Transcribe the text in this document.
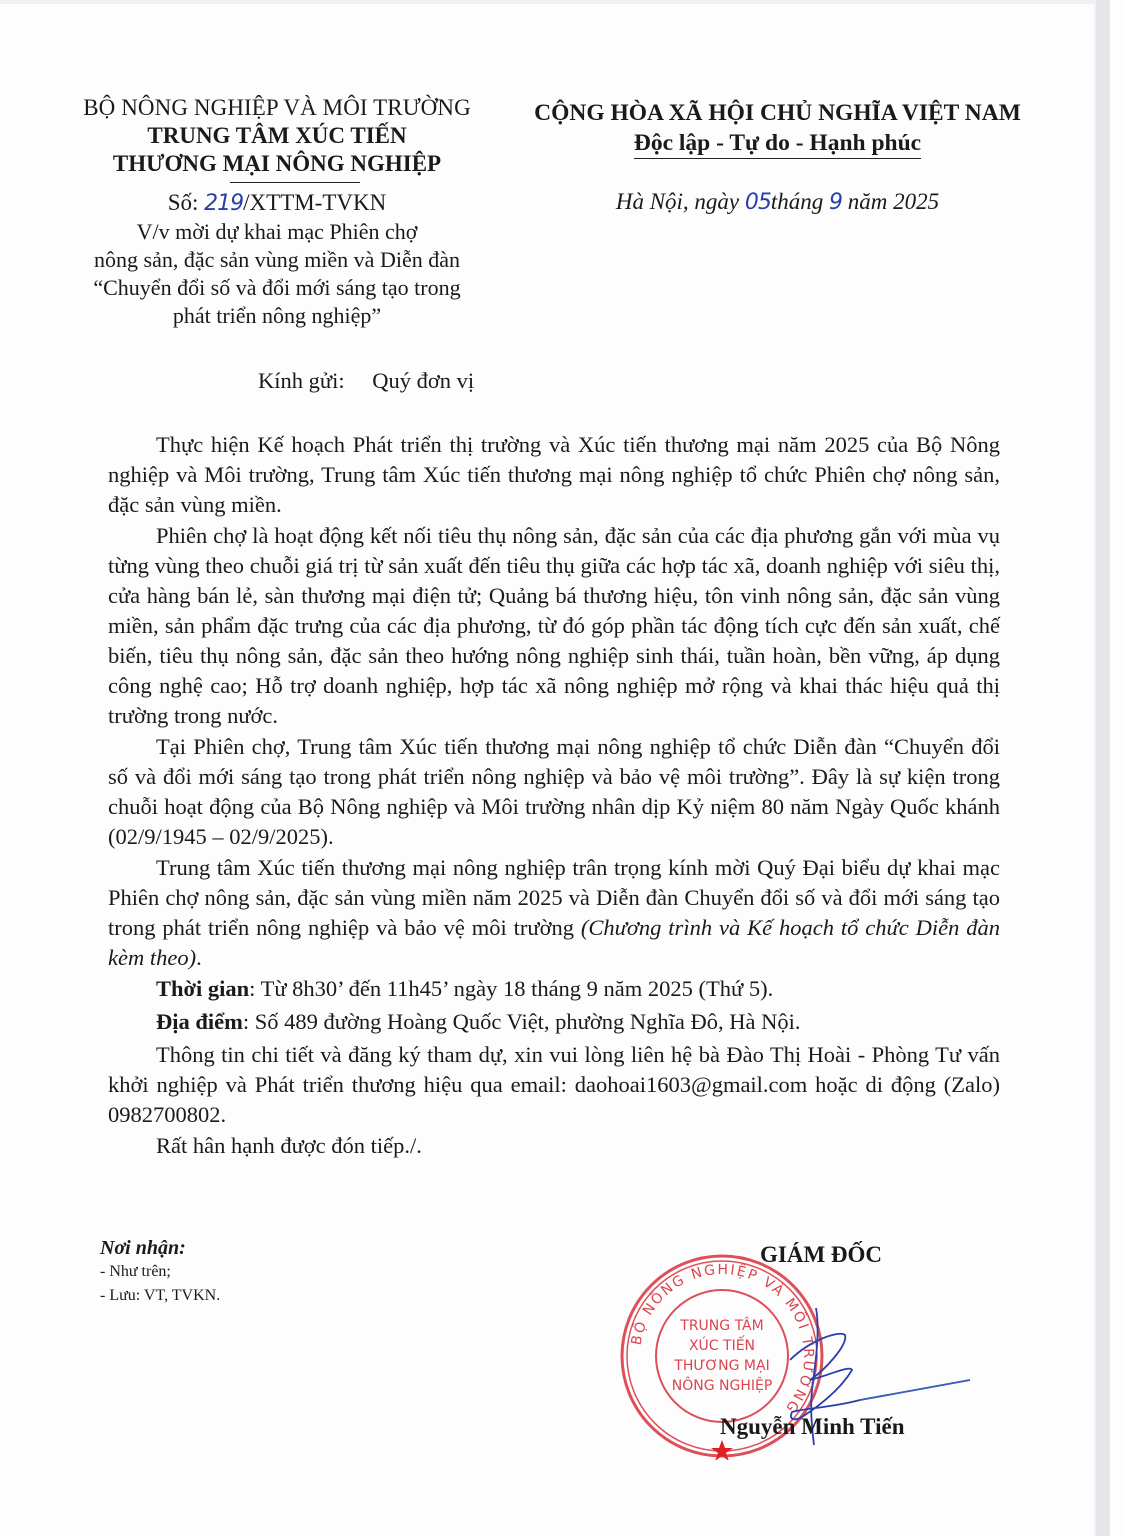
BỘ NÔNG NGHIỆP VÀ MÔI TRƯỜNG
TRUNG TÂM XÚC TIẾN
THƯƠNG MẠI NÔNG NGHIỆP
Số: 219/XTTM-TVKN
V/v mời dự khai mạc Phiên chợ
nông sản, đặc sản vùng miền và Diễn đàn
“Chuyển đổi số và đổi mới sáng tạo trong
phát triển nông nghiệp”
CỘNG HÒA XÃ HỘI CHỦ NGHĨA VIỆT NAM
Độc lập - Tự do - Hạnh phúc
Hà Nội, ngày 05tháng 9 năm 2025
Kính gửi: Quý đơn vị

Thực hiện Kế hoạch Phát triển thị trường và Xúc tiến thương mại năm 2025 của Bộ Nông nghiệp và Môi trường, Trung tâm Xúc tiến thương mại nông nghiệp tổ chức Phiên chợ nông sản, đặc sản vùng miền.

Phiên chợ là hoạt động kết nối tiêu thụ nông sản, đặc sản của các địa phương gắn với mùa vụ từng vùng theo chuỗi giá trị từ sản xuất đến tiêu thụ giữa các hợp tác xã, doanh nghiệp với siêu thị, cửa hàng bán lẻ, sàn thương mại điện tử; Quảng bá thương hiệu, tôn vinh nông sản, đặc sản vùng miền, sản phẩm đặc trưng của các địa phương, từ đó góp phần tác động tích cực đến sản xuất, chế biến, tiêu thụ nông sản, đặc sản theo hướng nông nghiệp sinh thái, tuần hoàn, bền vững, áp dụng công nghệ cao; Hỗ trợ doanh nghiệp, hợp tác xã nông nghiệp mở rộng và khai thác hiệu quả thị trường trong nước.

Tại Phiên chợ, Trung tâm Xúc tiến thương mại nông nghiệp tổ chức Diễn đàn “Chuyển đổi số và đổi mới sáng tạo trong phát triển nông nghiệp và bảo vệ môi trường”. Đây là sự kiện trong chuỗi hoạt động của Bộ Nông nghiệp và Môi trường nhân dịp Kỷ niệm 80 năm Ngày Quốc khánh (02/9/1945 – 02/9/2025).

Trung tâm Xúc tiến thương mại nông nghiệp trân trọng kính mời Quý Đại biểu dự khai mạc Phiên chợ nông sản, đặc sản vùng miền năm 2025 và Diễn đàn Chuyển đổi số và đổi mới sáng tạo trong phát triển nông nghiệp và bảo vệ môi trường (Chương trình và Kế hoạch tổ chức Diễn đàn kèm theo).

Thời gian: Từ 8h30’ đến 11h45’ ngày 18 tháng 9 năm 2025 (Thứ 5).

Địa điểm: Số 489 đường Hoàng Quốc Việt, phường Nghĩa Đô, Hà Nội.

Thông tin chi tiết và đăng ký tham dự, xin vui lòng liên hệ bà Đào Thị Hoài - Phòng Tư vấn khởi nghiệp và Phát triển thương hiệu qua email: daohoai1603@gmail.com hoặc di động (Zalo) 0982700802.

Rất hân hạnh được đón tiếp./.

Nơi nhận:
- Như trên;
- Lưu: VT, TVKN.
BỘ NÔNG NGHIỆP VÀ MÔI TRƯỜNG
TRUNG TÂM
XÚC TIẾN
THƯƠNG MẠI
NÔNG NGHIỆP
GIÁM ĐỐC
Nguyễn Minh Tiến
